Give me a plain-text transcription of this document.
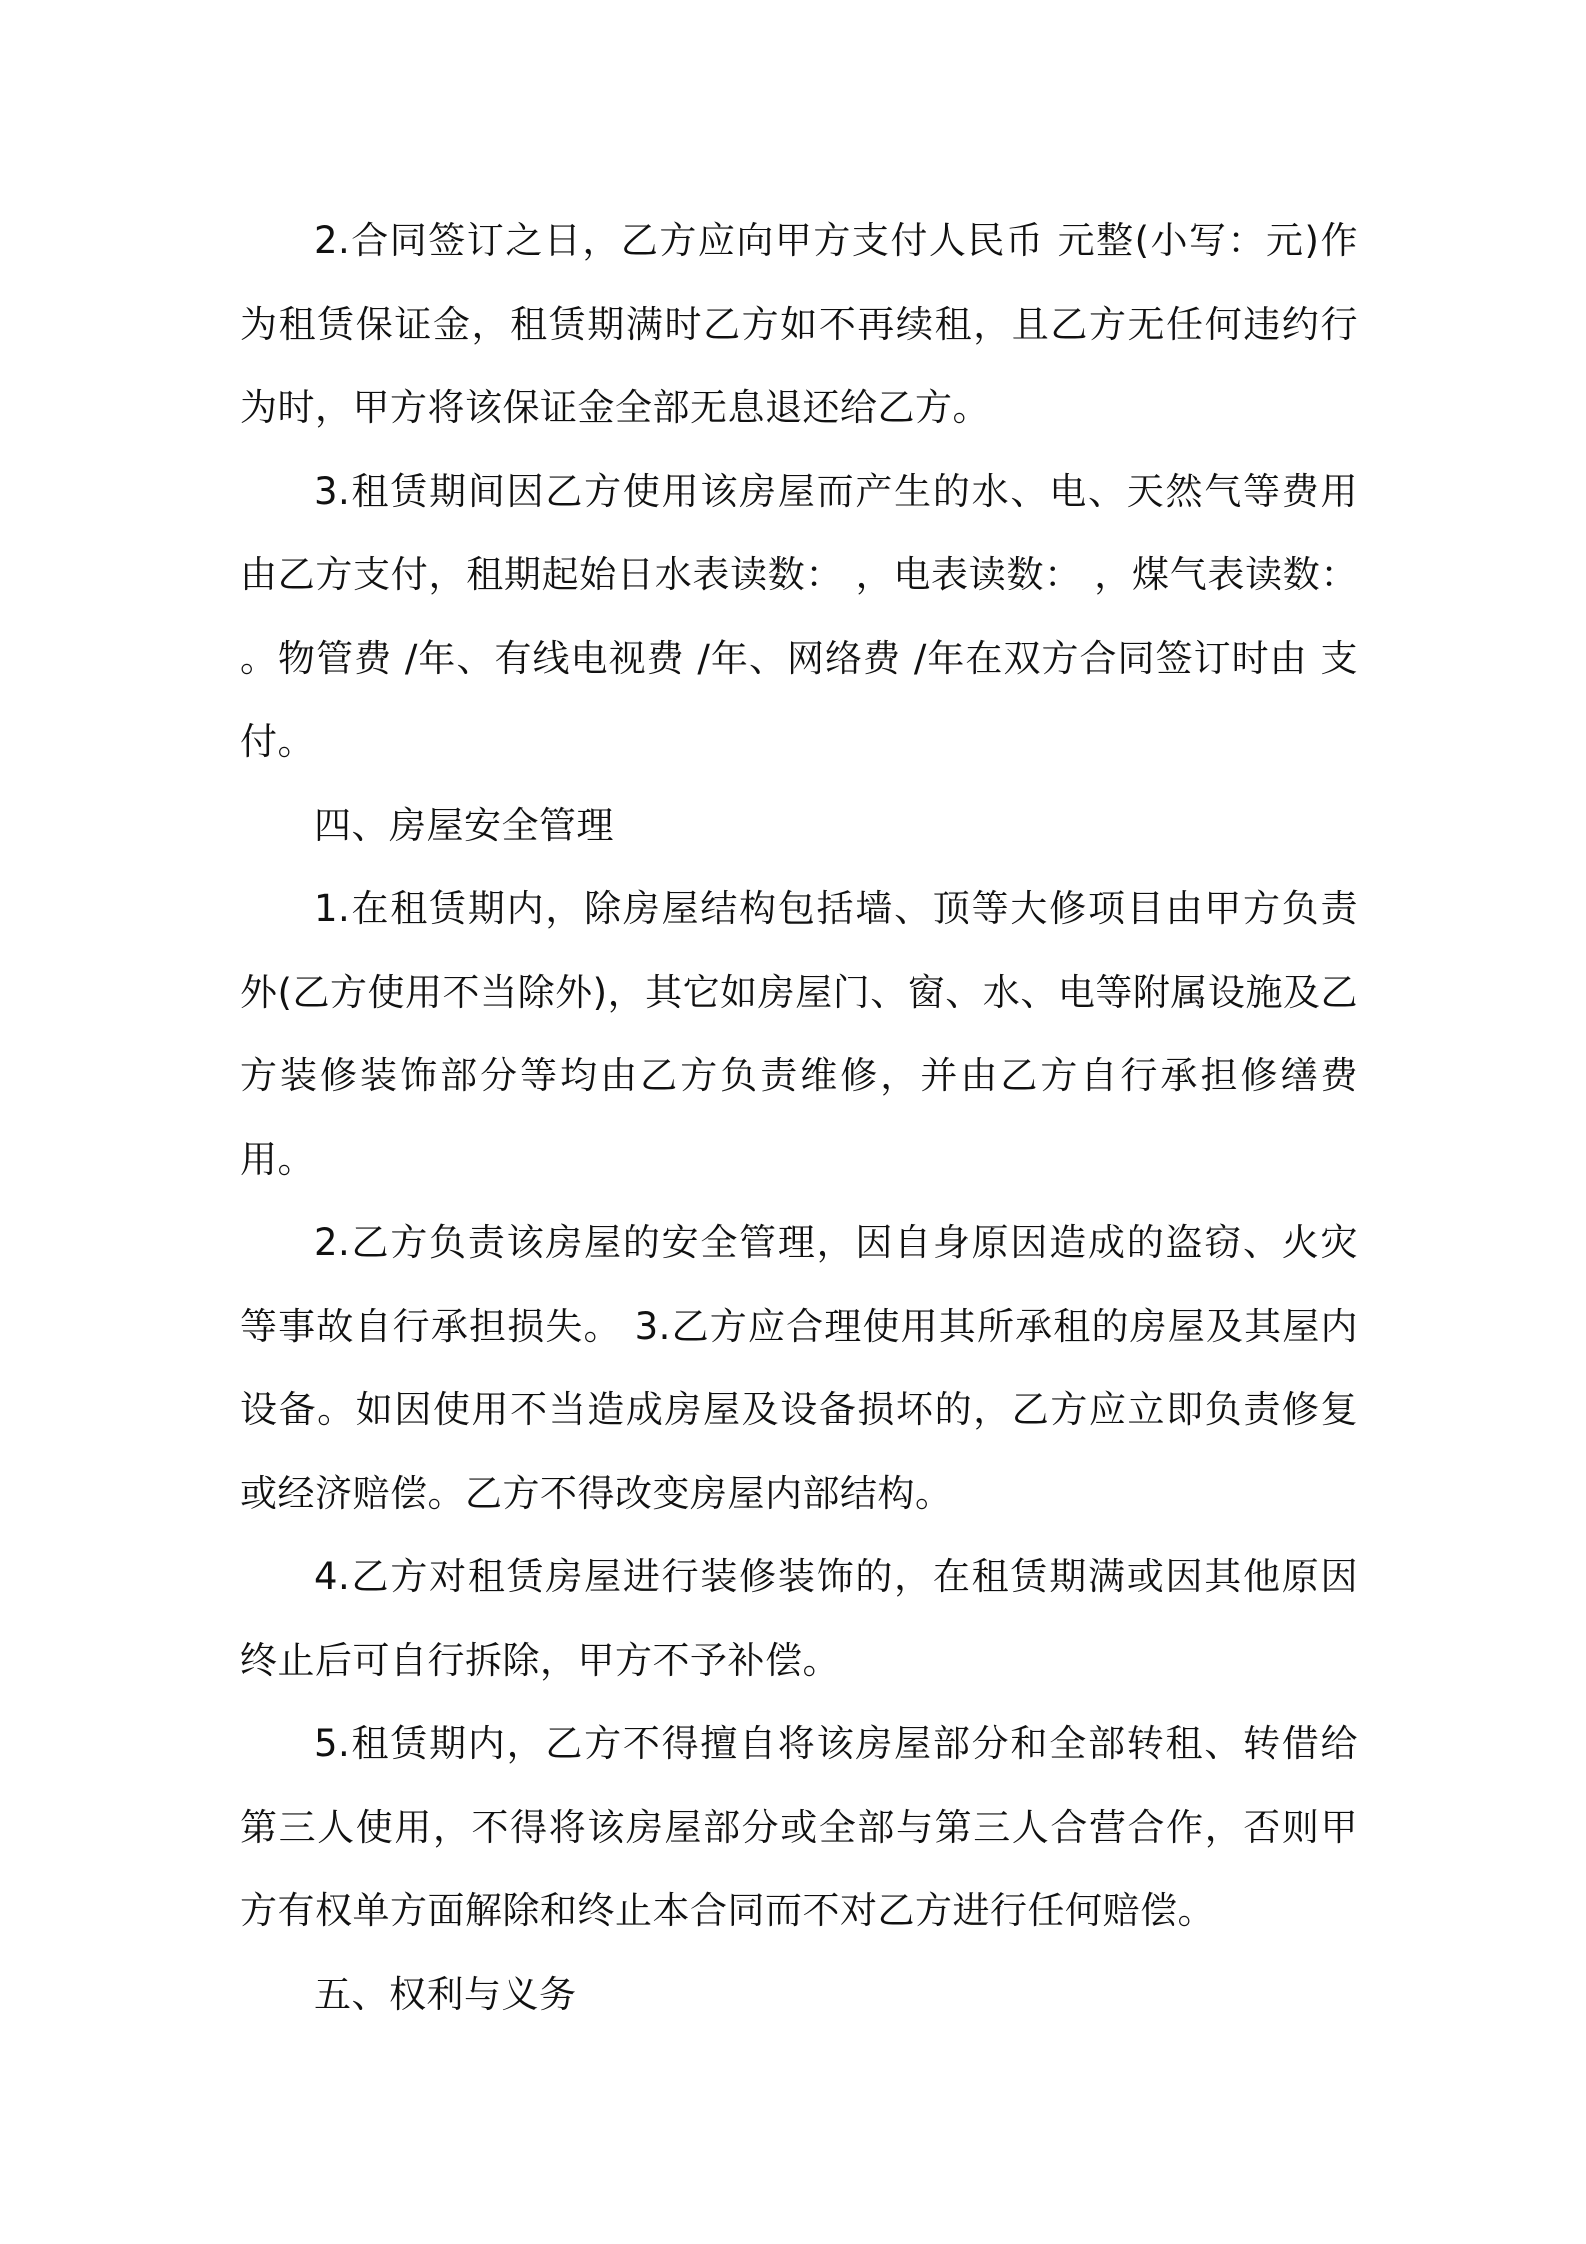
2.合同签订之日，乙方应向甲方支付人民币 元整(小写：元)作为租赁保证金，租赁期满时乙方如不再续租，且乙方无任何违约行为时，甲方将该保证金全部无息退还给乙方。

3.租赁期间因乙方使用该房屋而产生的水、电、天然气等费用由乙方支付，租期起始日水表读数： ，电表读数： ，煤气表读数： 。物管费 /年、有线电视费 /年、网络费 /年在双方合同签订时由 支付。

四、房屋安全管理

1.在租赁期内，除房屋结构包括墙、顶等大修项目由甲方负责外(乙方使用不当除外)，其它如房屋门、窗、水、电等附属设施及乙方装修装饰部分等均由乙方负责维修，并由乙方自行承担修缮费用。

2.乙方负责该房屋的安全管理，因自身原因造成的盗窃、火灾等事故自行承担损失。 3.乙方应合理使用其所承租的房屋及其屋内设备。如因使用不当造成房屋及设备损坏的，乙方应立即负责修复或经济赔偿。乙方不得改变房屋内部结构。

4.乙方对租赁房屋进行装修装饰的，在租赁期满或因其他原因终止后可自行拆除，甲方不予补偿。

5.租赁期内，乙方不得擅自将该房屋部分和全部转租、转借给第三人使用，不得将该房屋部分或全部与第三人合营合作，否则甲方有权单方面解除和终止本合同而不对乙方进行任何赔偿。

五、权利与义务
